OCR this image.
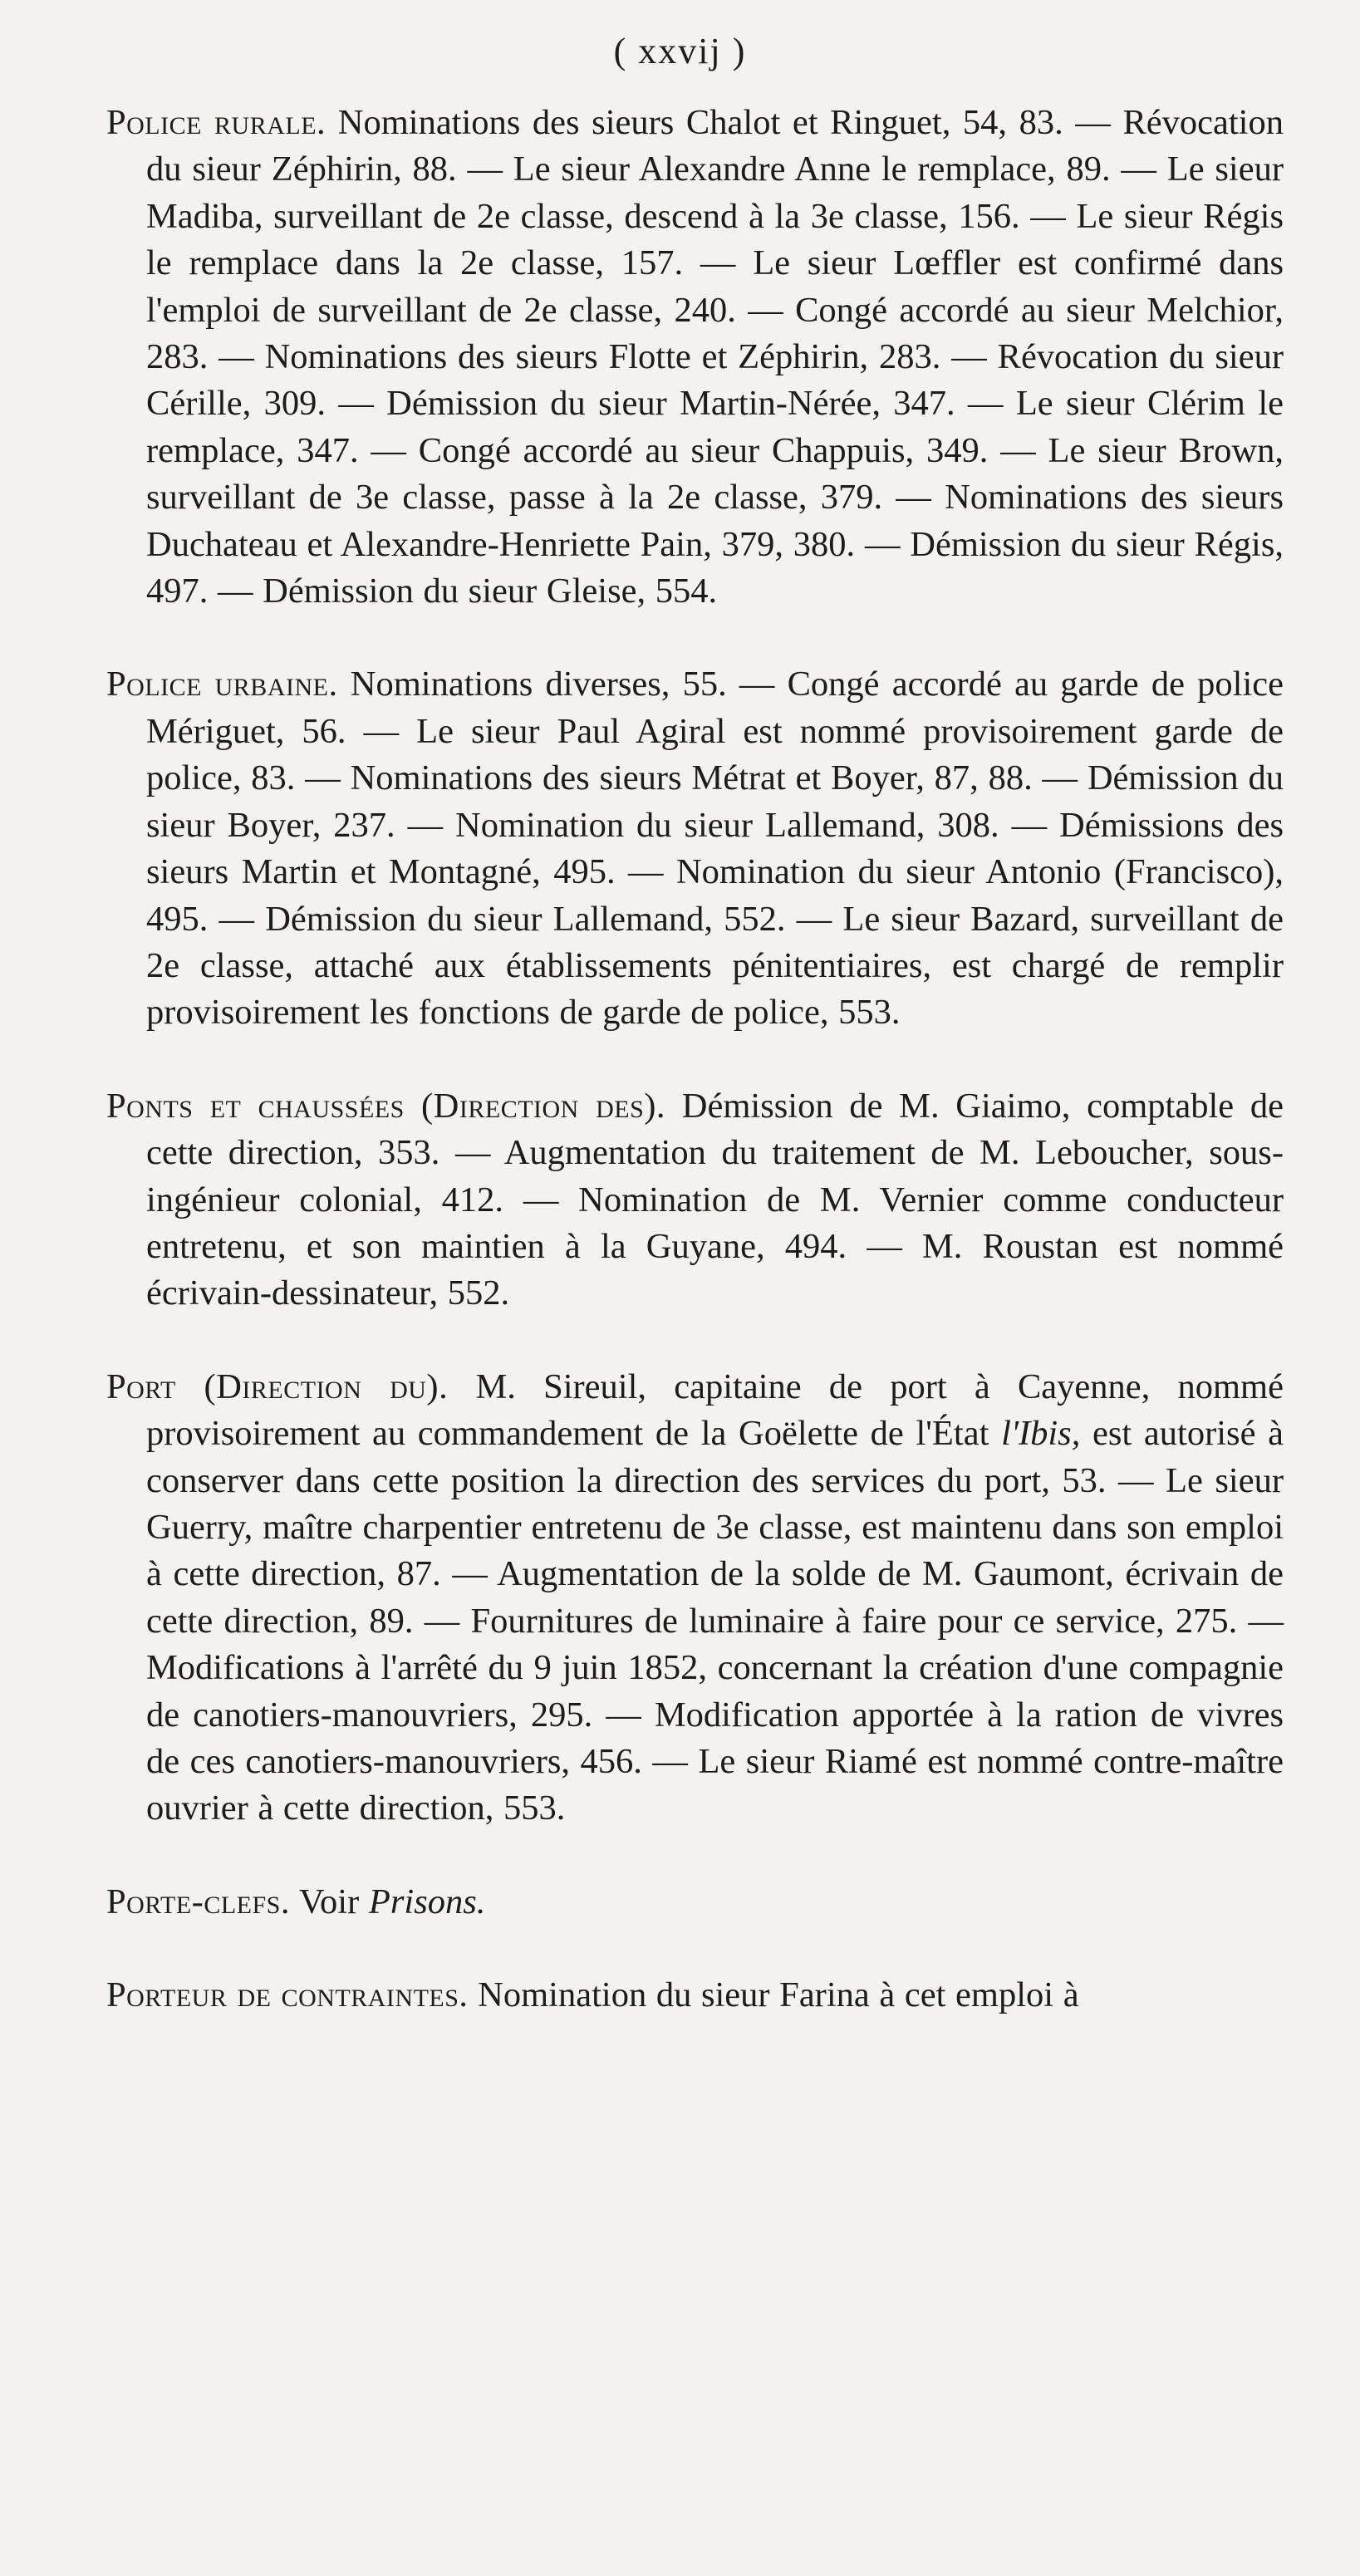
( xxvij )

Police rurale. Nominations des sieurs Chalot et Ringuet, 54, 83. — Révocation du sieur Zéphirin, 88. — Le sieur Alexandre Anne le remplace, 89. — Le sieur Madiba, surveillant de 2e classe, descend à la 3e classe, 156. — Le sieur Régis le remplace dans la 2e classe, 157. — Le sieur Lœffler est confirmé dans l'emploi de surveillant de 2e classe, 240. — Congé accordé au sieur Melchior, 283. — Nominations des sieurs Flotte et Zéphirin, 283. — Révocation du sieur Cérille, 309. — Démission du sieur Martin-Nérée, 347. — Le sieur Clérim le remplace, 347. — Congé accordé au sieur Chappuis, 349. — Le sieur Brown, surveillant de 3e classe, passe à la 2e classe, 379. — Nominations des sieurs Duchateau et Alexandre-Henriette Pain, 379, 380. — Démission du sieur Régis, 497. — Démission du sieur Gleise, 554.

Police urbaine. Nominations diverses, 55. — Congé accordé au garde de police Mériguet, 56. — Le sieur Paul Agiral est nommé provisoirement garde de police, 83. — Nominations des sieurs Métrat et Boyer, 87, 88. — Démission du sieur Boyer, 237. — Nomination du sieur Lallemand, 308. — Démissions des sieurs Martin et Montagné, 495. — Nomination du sieur Antonio (Francisco), 495. — Démission du sieur Lallemand, 552. — Le sieur Bazard, surveillant de 2e classe, attaché aux établissements pénitentiaires, est chargé de remplir provisoirement les fonctions de garde de police, 553.

Ponts et chaussées (Direction des). Démission de M. Giaimo, comptable de cette direction, 353. — Augmentation du traitement de M. Leboucher, sous-ingénieur colonial, 412. — Nomination de M. Vernier comme conducteur entretenu, et son maintien à la Guyane, 494. — M. Roustan est nommé écrivain-dessinateur, 552.

Port (Direction du). M. Sireuil, capitaine de port à Cayenne, nommé provisoirement au commandement de la Goëlette de l'État l'Ibis, est autorisé à conserver dans cette position la direction des services du port, 53. — Le sieur Guerry, maître charpentier entretenu de 3e classe, est maintenu dans son emploi à cette direction, 87. — Augmentation de la solde de M. Gaumont, écrivain de cette direction, 89. — Fournitures de luminaire à faire pour ce service, 275. — Modifications à l'arrêté du 9 juin 1852, concernant la création d'une compagnie de canotiers-manouvriers, 295. — Modification apportée à la ration de vivres de ces canotiers-manouvriers, 456. — Le sieur Riamé est nommé contre-maître ouvrier à cette direction, 553.

Porte-clefs. Voir Prisons.

Porteur de contraintes. Nomination du sieur Farina à cet emploi à
